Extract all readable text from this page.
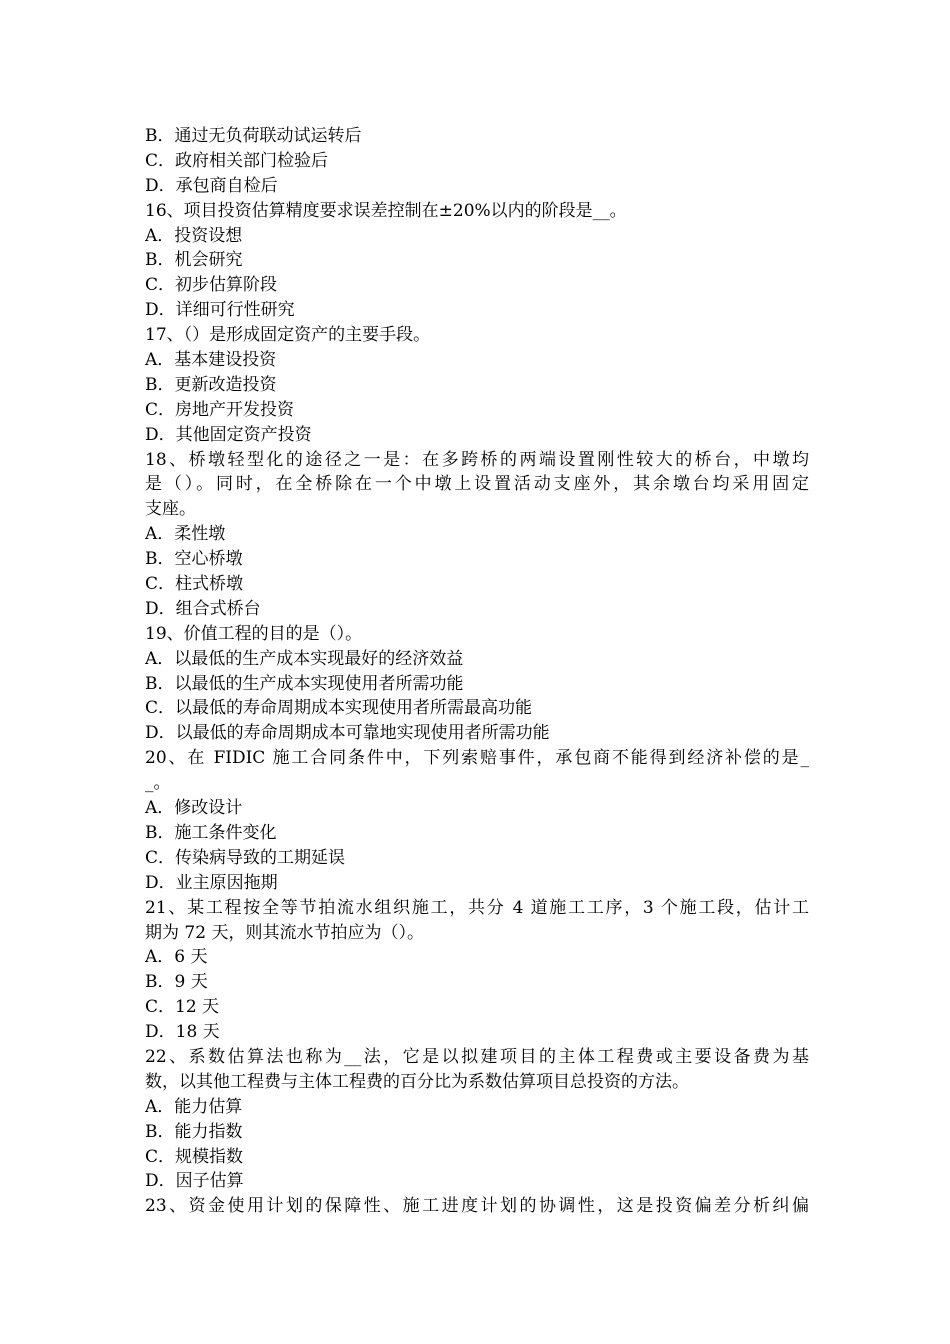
B．通过无负荷联动试运转后
C．政府相关部门检验后
D．承包商自检后
16、项目投资估算精度要求误差控制在±20%以内的阶段是__。
A．投资设想
B．机会研究
C．初步估算阶段
D．详细可行性研究
17、（）是形成固定资产的主要手段。
A．基本建设投资
B．更新改造投资
C．房地产开发投资
D．其他固定资产投资
18、桥墩轻型化的途径之一是：在多跨桥的两端设置刚性较大的桥台，中墩均
是（）。同时，在全桥除在一个中墩上设置活动支座外，其余墩台均采用固定
支座。
A．柔性墩
B．空心桥墩
C．柱式桥墩
D．组合式桥台
19、价值工程的目的是（）。
A．以最低的生产成本实现最好的经济效益
B．以最低的生产成本实现使用者所需功能
C．以最低的寿命周期成本实现使用者所需最高功能
D．以最低的寿命周期成本可靠地实现使用者所需功能
20、在 FIDIC 施工合同条件中，下列索赔事件，承包商不能得到经济补偿的是_
_。
A．修改设计
B．施工条件变化
C．传染病导致的工期延误
D．业主原因拖期
21、某工程按全等节拍流水组织施工，共分 4 道施工工序，3 个施工段，估计工
期为 72 天，则其流水节拍应为（）。
A．6 天
B．9 天
C．12 天
D．18 天
22、系数估算法也称为__法，它是以拟建项目的主体工程费或主要设备费为基
数，以其他工程费与主体工程费的百分比为系数估算项目总投资的方法。
A．能力估算
B．能力指数
C．规模指数
D．因子估算
23、资金使用计划的保障性、施工进度计划的协调性，这是投资偏差分析纠偏
